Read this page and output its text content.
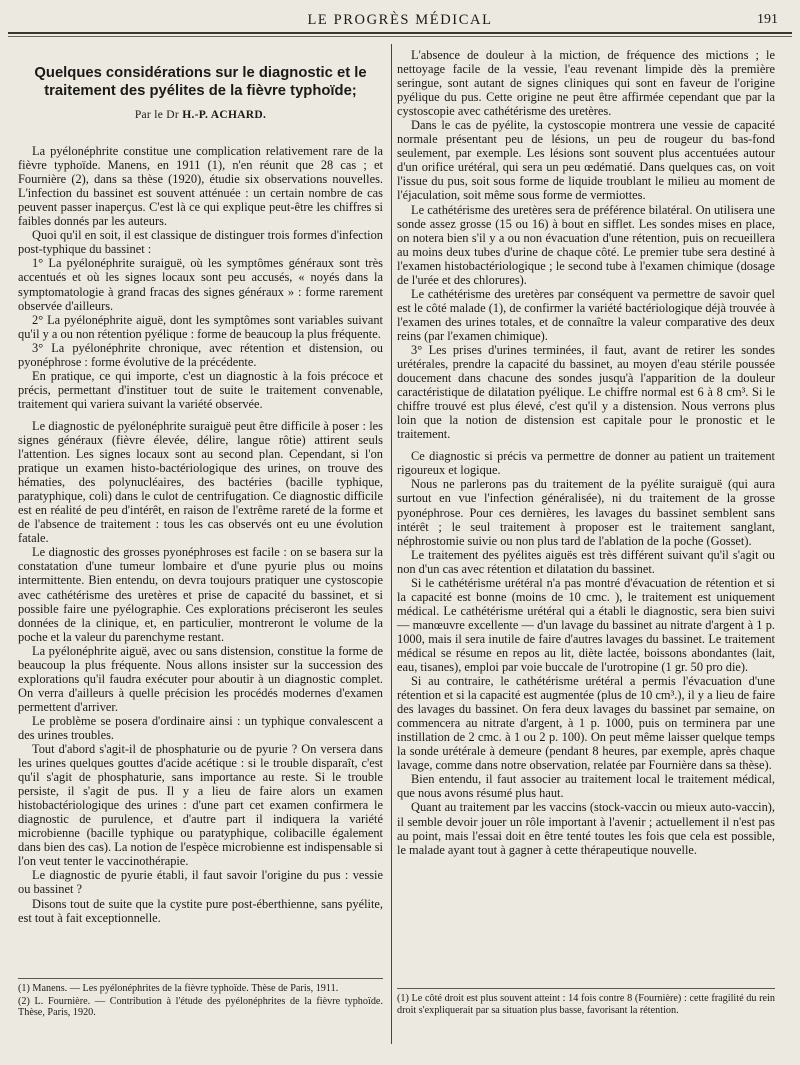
LE PROGRÈS MÉDICAL	191
Quelques considérations sur le diagnostic et le traitement des pyélites de la fièvre typhoïde;
Par le Dr H.-P. ACHARD.

La pyélonéphrite constitue une complication relativement rare de la fièvre typhoïde. Manens, en 1911 (1), n'en réunit que 28 cas ; et Fournière (2), dans sa thèse (1920), étudie six observations nouvelles. L'infection du bassinet est souvent atténuée : un certain nombre de cas peuvent passer inaperçus. C'est là ce qui explique peut-être les chiffres si faibles donnés par les auteurs.

Quoi qu'il en soit, il est classique de distinguer trois formes d'infection post-typhique du bassinet :

1° La pyélonéphrite suraiguë, où les symptômes généraux sont très accentués et où les signes locaux sont peu accusés, « noyés dans la symptomatologie à grand fracas des signes généraux » : forme rarement observée d'ailleurs.

2° La pyélonéphrite aiguë, dont les symptômes sont variables suivant qu'il y a ou non rétention pyélique : forme de beaucoup la plus fréquente.

3° La pyélonéphrite chronique, avec rétention et distension, ou pyonéphrose : forme évolutive de la précédente.

En pratique, ce qui importe, c'est un diagnostic à la fois précoce et précis, permettant d'instituer tout de suite le traitement convenable, traitement qui variera suivant la variété observée.

Le diagnostic de pyélonéphrite suraiguë peut être difficile à poser : les signes généraux (fièvre élevée, délire, langue rôtie) attirent seuls l'attention. Les signes locaux sont au second plan. Cependant, si l'on pratique un examen histo-bactériologique des urines, on trouve des hématies, des polynucléaires, des bactéries (bacille typhique, paratyphique, coli) dans le culot de centrifugation. Ce diagnostic difficile est en réalité de peu d'intérêt, en raison de l'extrême rareté de la forme et de l'absence de traitement : tous les cas observés ont eu une évolution fatale.

Le diagnostic des grosses pyonéphroses est facile : on se basera sur la constatation d'une tumeur lombaire et d'une pyurie plus ou moins intermittente. Bien entendu, on devra toujours pratiquer une cystoscopie avec cathétérisme des uretères et prise de capacité du bassinet, et si possible faire une pyélographie. Ces explorations préciseront les seules données de la clinique, et, en particulier, montreront le volume de la poche et la valeur du parenchyme restant.

La pyélonéphrite aiguë, avec ou sans distension, constitue la forme de beaucoup la plus fréquente. Nous allons insister sur la succession des explorations qu'il faudra exécuter pour aboutir à un diagnostic complet. On verra d'ailleurs à quelle précision les procédés modernes d'examen permettent d'arriver.

Le problème se posera d'ordinaire ainsi : un typhique convalescent a des urines troubles.

Tout d'abord s'agit-il de phosphaturie ou de pyurie ? On versera dans les urines quelques gouttes d'acide acétique : si le trouble disparaît, c'est qu'il s'agit de phosphaturie, sans importance au reste. Si le trouble persiste, il s'agit de pus. Il y a lieu de faire alors un examen histobactériologique des urines : d'une part cet examen confirmera le diagnostic de purulence, et d'autre part il indiquera la variété microbienne (bacille typhique ou paratyphique, colibacille également dans bien des cas). La notion de l'espèce microbienne est indispensable si l'on veut tenter le vaccinothérapie.

Le diagnostic de pyurie établi, il faut savoir l'origine du pus : vessie ou bassinet ?

Disons tout de suite que la cystite pure post-éberthienne, sans pyélite, est tout à fait exceptionnelle.

(1) Manens. — Les pyélonéphrites de la fièvre typhoïde. Thèse de Paris, 1911.

(2) L. Fournière. — Contribution à l'étude des pyélonéphrites de la fièvre typhoïde. Thèse, Paris, 1920.

L'absence de douleur à la miction, de fréquence des mictions ; le nettoyage facile de la vessie, l'eau revenant limpide dès la première seringue, sont autant de signes cliniques qui sont en faveur de l'origine pyélique du pus. Cette origine ne peut être affirmée cependant que par la cystoscopie avec cathétérisme des uretères.

Dans le cas de pyélite, la cystoscopie montrera une vessie de capacité normale présentant peu de lésions, un peu de rougeur du bas-fond seulement, par exemple. Les lésions sont souvent plus accentuées autour d'un orifice urétéral, qui sera un peu œdématié. Dans quelques cas, on voit l'issue du pus, soit sous forme de liquide troublant le milieu au moment de l'éjaculation, soit même sous forme de vermiottes.

Le cathétérisme des uretères sera de préférence bilatéral. On utilisera une sonde assez grosse (15 ou 16) à bout en sifflet. Les sondes mises en place, on notera bien s'il y a ou non évacuation d'une rétention, puis on recueillera au moins deux tubes d'urine de chaque côté. Le premier tube sera destiné à l'examen histobactériologique ; le second tube à l'examen chimique (dosage de l'urée et des chlorures).

Le cathétérisme des uretères par conséquent va permettre de savoir quel est le côté malade (1), de confirmer la variété bactériologique déjà trouvée à l'examen des urines totales, et de connaître la valeur comparative des deux reins (par l'examen chimique).

3° Les prises d'urines terminées, il faut, avant de retirer les sondes urétérales, prendre la capacité du bassinet, au moyen d'eau stérile poussée doucement dans chacune des sondes jusqu'à l'apparition de la douleur caractéristique de dilatation pyélique. Le chiffre normal est 6 à 8 cm³. Si le chiffre trouvé est plus élevé, c'est qu'il y a distension. Nous verrons plus loin que la notion de distension est capitale pour le pronostic et le traitement.

Ce diagnostic si précis va permettre de donner au patient un traitement rigoureux et logique.

Nous ne parlerons pas du traitement de la pyélite suraiguë (qui aura surtout en vue l'infection généralisée), ni du traitement de la grosse pyonéphrose. Pour ces dernières, les lavages du bassinet semblent sans intérêt ; le seul traitement à proposer est le traitement sanglant, néphrostomie suivie ou non plus tard de l'ablation de la poche (Gosset).

Le traitement des pyélites aiguës est très différent suivant qu'il s'agit ou non d'un cas avec rétention et dilatation du bassinet.

Si le cathétérisme urétéral n'a pas montré d'évacuation de rétention et si la capacité est bonne (moins de 10 cmc. ), le traitement est uniquement médical. Le cathétérisme urétéral qui a établi le diagnostic, sera bien suivi — manœuvre excellente — d'un lavage du bassinet au nitrate d'argent à 1 p. 1000, mais il sera inutile de faire d'autres lavages du bassinet. Le traitement médical se résume en repos au lit, diète lactée, boissons abondantes (lait, eau, tisanes), emploi par voie buccale de l'urotropine (1 gr. 50 pro die).

Si au contraire, le cathétérisme urétéral a permis l'évacuation d'une rétention et si la capacité est augmentée (plus de 10 cm³.), il y a lieu de faire des lavages du bassinet. On fera deux lavages du bassinet par semaine, on commencera au nitrate d'argent, à 1 p. 1000, puis on terminera par une instillation de 2 cmc. à 1 ou 2 p. 100). On peut même laisser quelque temps la sonde urétérale à demeure (pendant 8 heures, par exemple, après chaque lavage, comme dans notre observation, relatée par Fournière dans sa thèse).

Bien entendu, il faut associer au traitement local le traitement médical, que nous avons résumé plus haut.

Quant au traitement par les vaccins (stock-vaccin ou mieux auto-vaccin), il semble devoir jouer un rôle important à l'avenir ; actuellement il n'est pas au point, mais l'essai doit en être tenté toutes les fois que cela est possible, le malade ayant tout à gagner à cette thérapeutique nouvelle.

(1) Le côté droit est plus souvent atteint : 14 fois contre 8 (Fournière) : cette fragilité du rein droit s'expliquerait par sa situation plus basse, favorisant la rétention.
